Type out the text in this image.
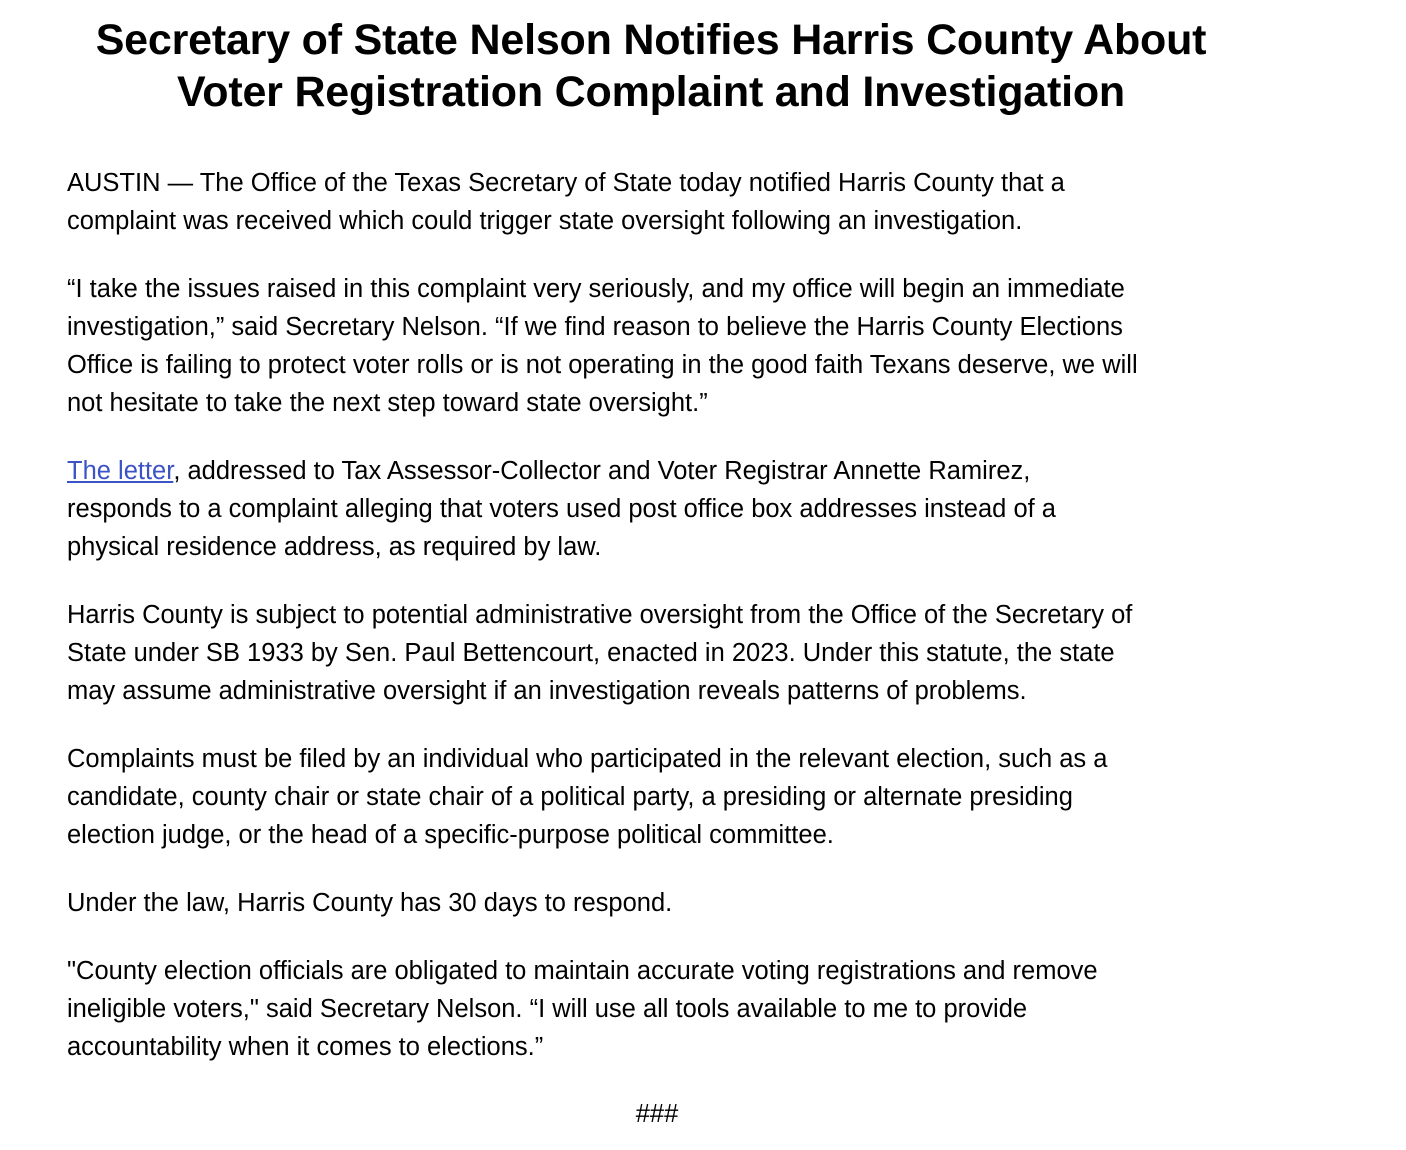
Secretary of State Nelson Notifies Harris County About
Voter Registration Complaint and Investigation

AUSTIN — The Office of the Texas Secretary of State today notified Harris County that a
complaint was received which could trigger state oversight following an investigation.

“I take the issues raised in this complaint very seriously, and my office will begin an immediate
investigation,” said Secretary Nelson. “If we find reason to believe the Harris County Elections
Office is failing to protect voter rolls or is not operating in the good faith Texans deserve, we will
not hesitate to take the next step toward state oversight.”

The letter, addressed to Tax Assessor-Collector and Voter Registrar Annette Ramirez,
responds to a complaint alleging that voters used post office box addresses instead of a
physical residence address, as required by law.

Harris County is subject to potential administrative oversight from the Office of the Secretary of
State under SB 1933 by Sen. Paul Bettencourt, enacted in 2023. Under this statute, the state
may assume administrative oversight if an investigation reveals patterns of problems.

Complaints must be filed by an individual who participated in the relevant election, such as a
candidate, county chair or state chair of a political party, a presiding or alternate presiding
election judge, or the head of a specific-purpose political committee.

Under the law, Harris County has 30 days to respond.

"County election officials are obligated to maintain accurate voting registrations and remove
ineligible voters," said Secretary Nelson. “I will use all tools available to me to provide
accountability when it comes to elections.”

###
